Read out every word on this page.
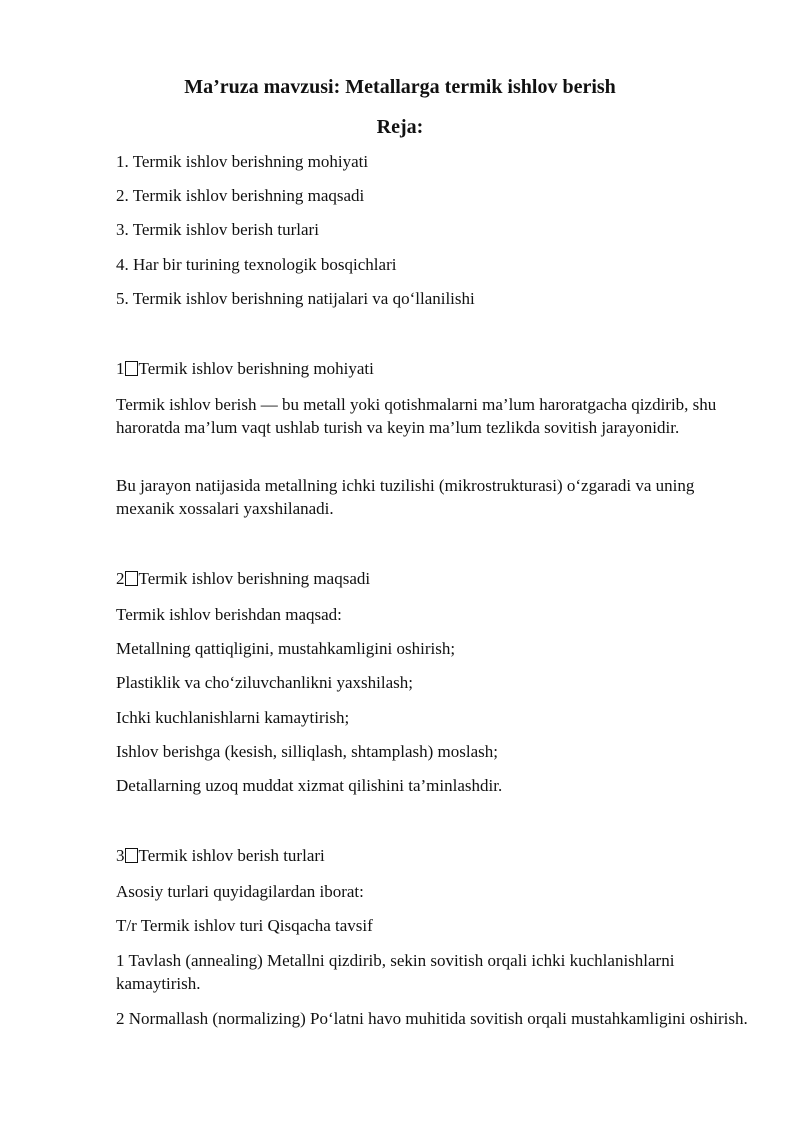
Ma’ruza mavzusi: Metallarga termik ishlov berish
Reja:
1. Termik ishlov berishning mohiyati
2. Termik ishlov berishning maqsadi
3. Termik ishlov berish turlari
4. Har bir turining texnologik bosqichlari
5. Termik ishlov berishning natijalari va qo‘llanilishi
1 Termik ishlov berishning mohiyati
Termik ishlov berish — bu metall yoki qotishmalarni ma’lum haroratgacha qizdirib, shu haroratda ma’lum vaqt ushlab turish va keyin ma’lum tezlikda sovitish jarayonidir.
Bu jarayon natijasida metallning ichki tuzilishi (mikrostrukturasi) o‘zgaradi va uning mexanik xossalari yaxshilanadi.
2 Termik ishlov berishning maqsadi
Termik ishlov berishdan maqsad:
Metallning qattiqligini, mustahkamligini oshirish;
Plastiklik va cho‘ziluvchanlikni yaxshilash;
Ichki kuchlanishlarni kamaytirish;
Ishlov berishga (kesish, silliqlash, shtamplash) moslash;
Detallarning uzoq muddat xizmat qilishini ta’minlashdir.
3 Termik ishlov berish turlari
Asosiy turlari quyidagilardan iborat:
T/r Termik ishlov turi Qisqacha tavsif
1 Tavlash (annealing) Metallni qizdirib, sekin sovitish orqali ichki kuchlanishlarni kamaytirish.
2 Normallash (normalizing) Po‘latni havo muhitida sovitish orqali mustahkamligini oshirish.
